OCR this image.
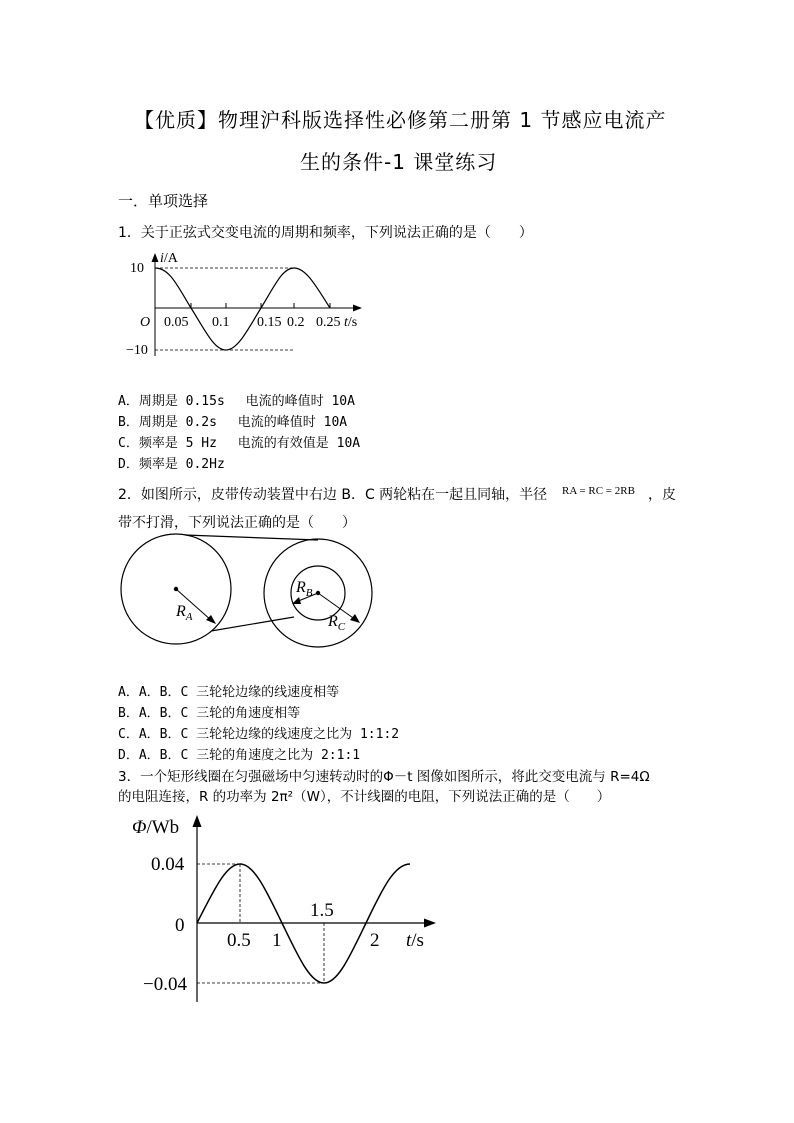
【优质】物理沪科版选择性必修第二册第 1 节感应电流产
生的条件-1 课堂练习
一．单项选择
1．关于正弦式交变电流的周期和频率，下列说法正确的是（　　）
i/A
10
−10
O 0.05 0.1 0.15 0.2 0.25 t/s
A．周期是 0.15s　 电流的峰值时 10A
B．周期是 0.2s　 电流的峰值时 10A
C．频率是 5 Hz　 电流的有效值是 10A
D．频率是 0.2Hz
2．如图所示，皮带传动装置中右边 B．C 两轮粘在一起且同轴，半径 RA = RC = 2RB ，皮
带不打滑，下列说法正确的是（　　）
$R_A$
$R_B$
$R_C$
A．A．B．C 三轮轮边缘的线速度相等
B．A．B．C 三轮的角速度相等
C．A．B．C 三轮轮边缘的线速度之比为 1:1:2
D．A．B．C 三轮的角速度之比为 2:1:1
3．一个矩形线圈在匀强磁场中匀速转动时的Φ－t 图像如图所示，将此交变电流与 R=4Ω
的电阻连接，R 的功率为 2π²（W），不计线圈的电阻，下列说法正确的是（　　）
Φ/Wb
0.04
0
−0.04
0.5 1
1.5
2 t/s
